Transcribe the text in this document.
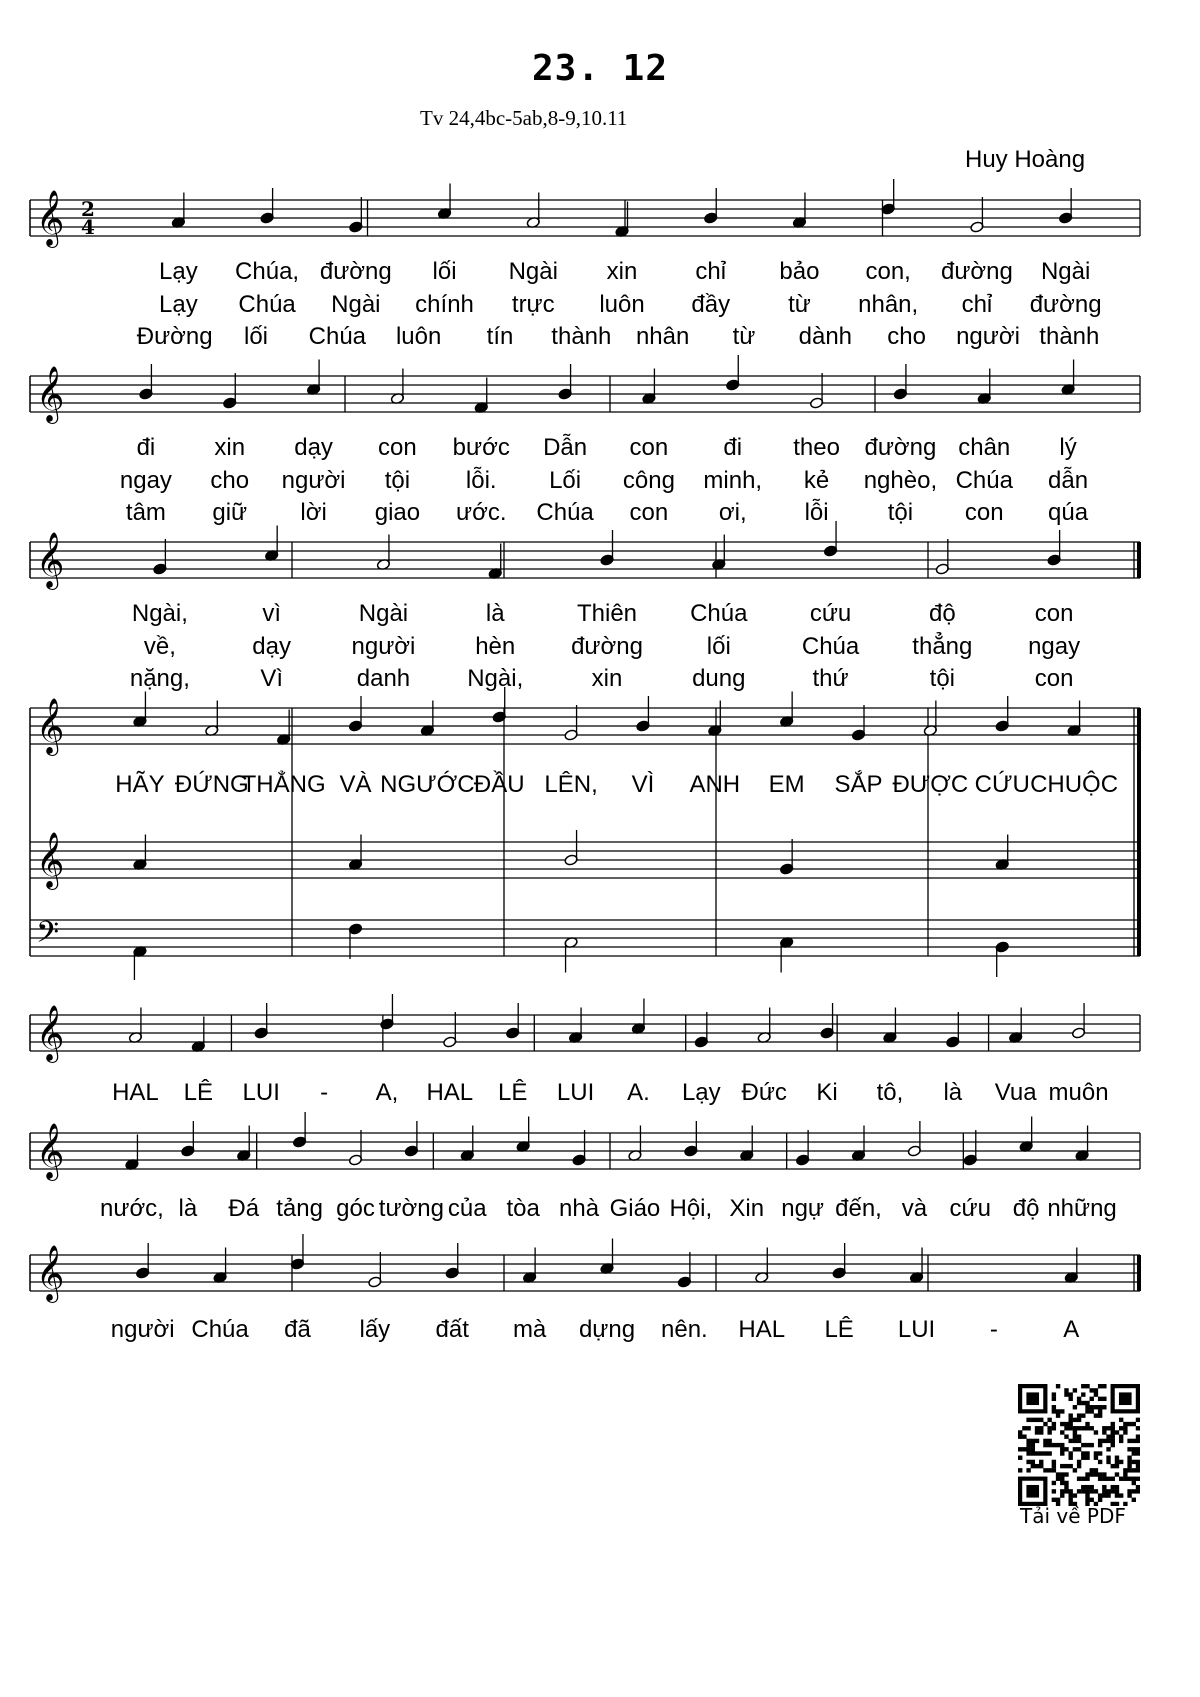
23. 12
Tv 24,4bc-5ab,8-9,10.11
Huy Hoàng
𝄞 2
4
Lạy Chúa, đường lối Ngài xin chỉ bảo con, đường Ngài
Lạy Chúa Ngài chính trực luôn đầy từ nhân, chỉ đường
Đường lối Chúa luôn tín thành nhân từ dành cho người thành
𝄞
đi xin dạy con bước Dẫn con đi theo đường chân lý
ngay cho người tội lỗi. Lối công minh, kẻ nghèo, Chúa dẫn
tâm giữ lời giao ước. Chúa con ơi, lỗi tội con qúa
𝄞
Ngài,	vì	Ngài	là	Thiên Chúa	cứu	độ	con
về,	dạy	người hèn đường	lối	Chúa thẳng ngay
nặng,	Vì	danh Ngài,	xin	dung	thứ	tội	con
𝄞
𝄞
𝄢
HÃY ĐỨNG
THẲNG VÀ NGƯỚC ĐẦU LÊN, VÌ ANH EM SẮP ĐƯỢC CỨU CHUỘC
𝄞
HAL LÊ LUI - A, HAL LÊ LUI A. Lạy Đức Ki tô, là Vua muôn
𝄞
nước, là Đá tảng góc tường của tòa nhà Giáo Hội, Xin ngự đến, và cứu độ những
𝄞
người Chúa đã lấy đất mà dựng nên. HAL LÊ LUI -	A
Tải về PDF
